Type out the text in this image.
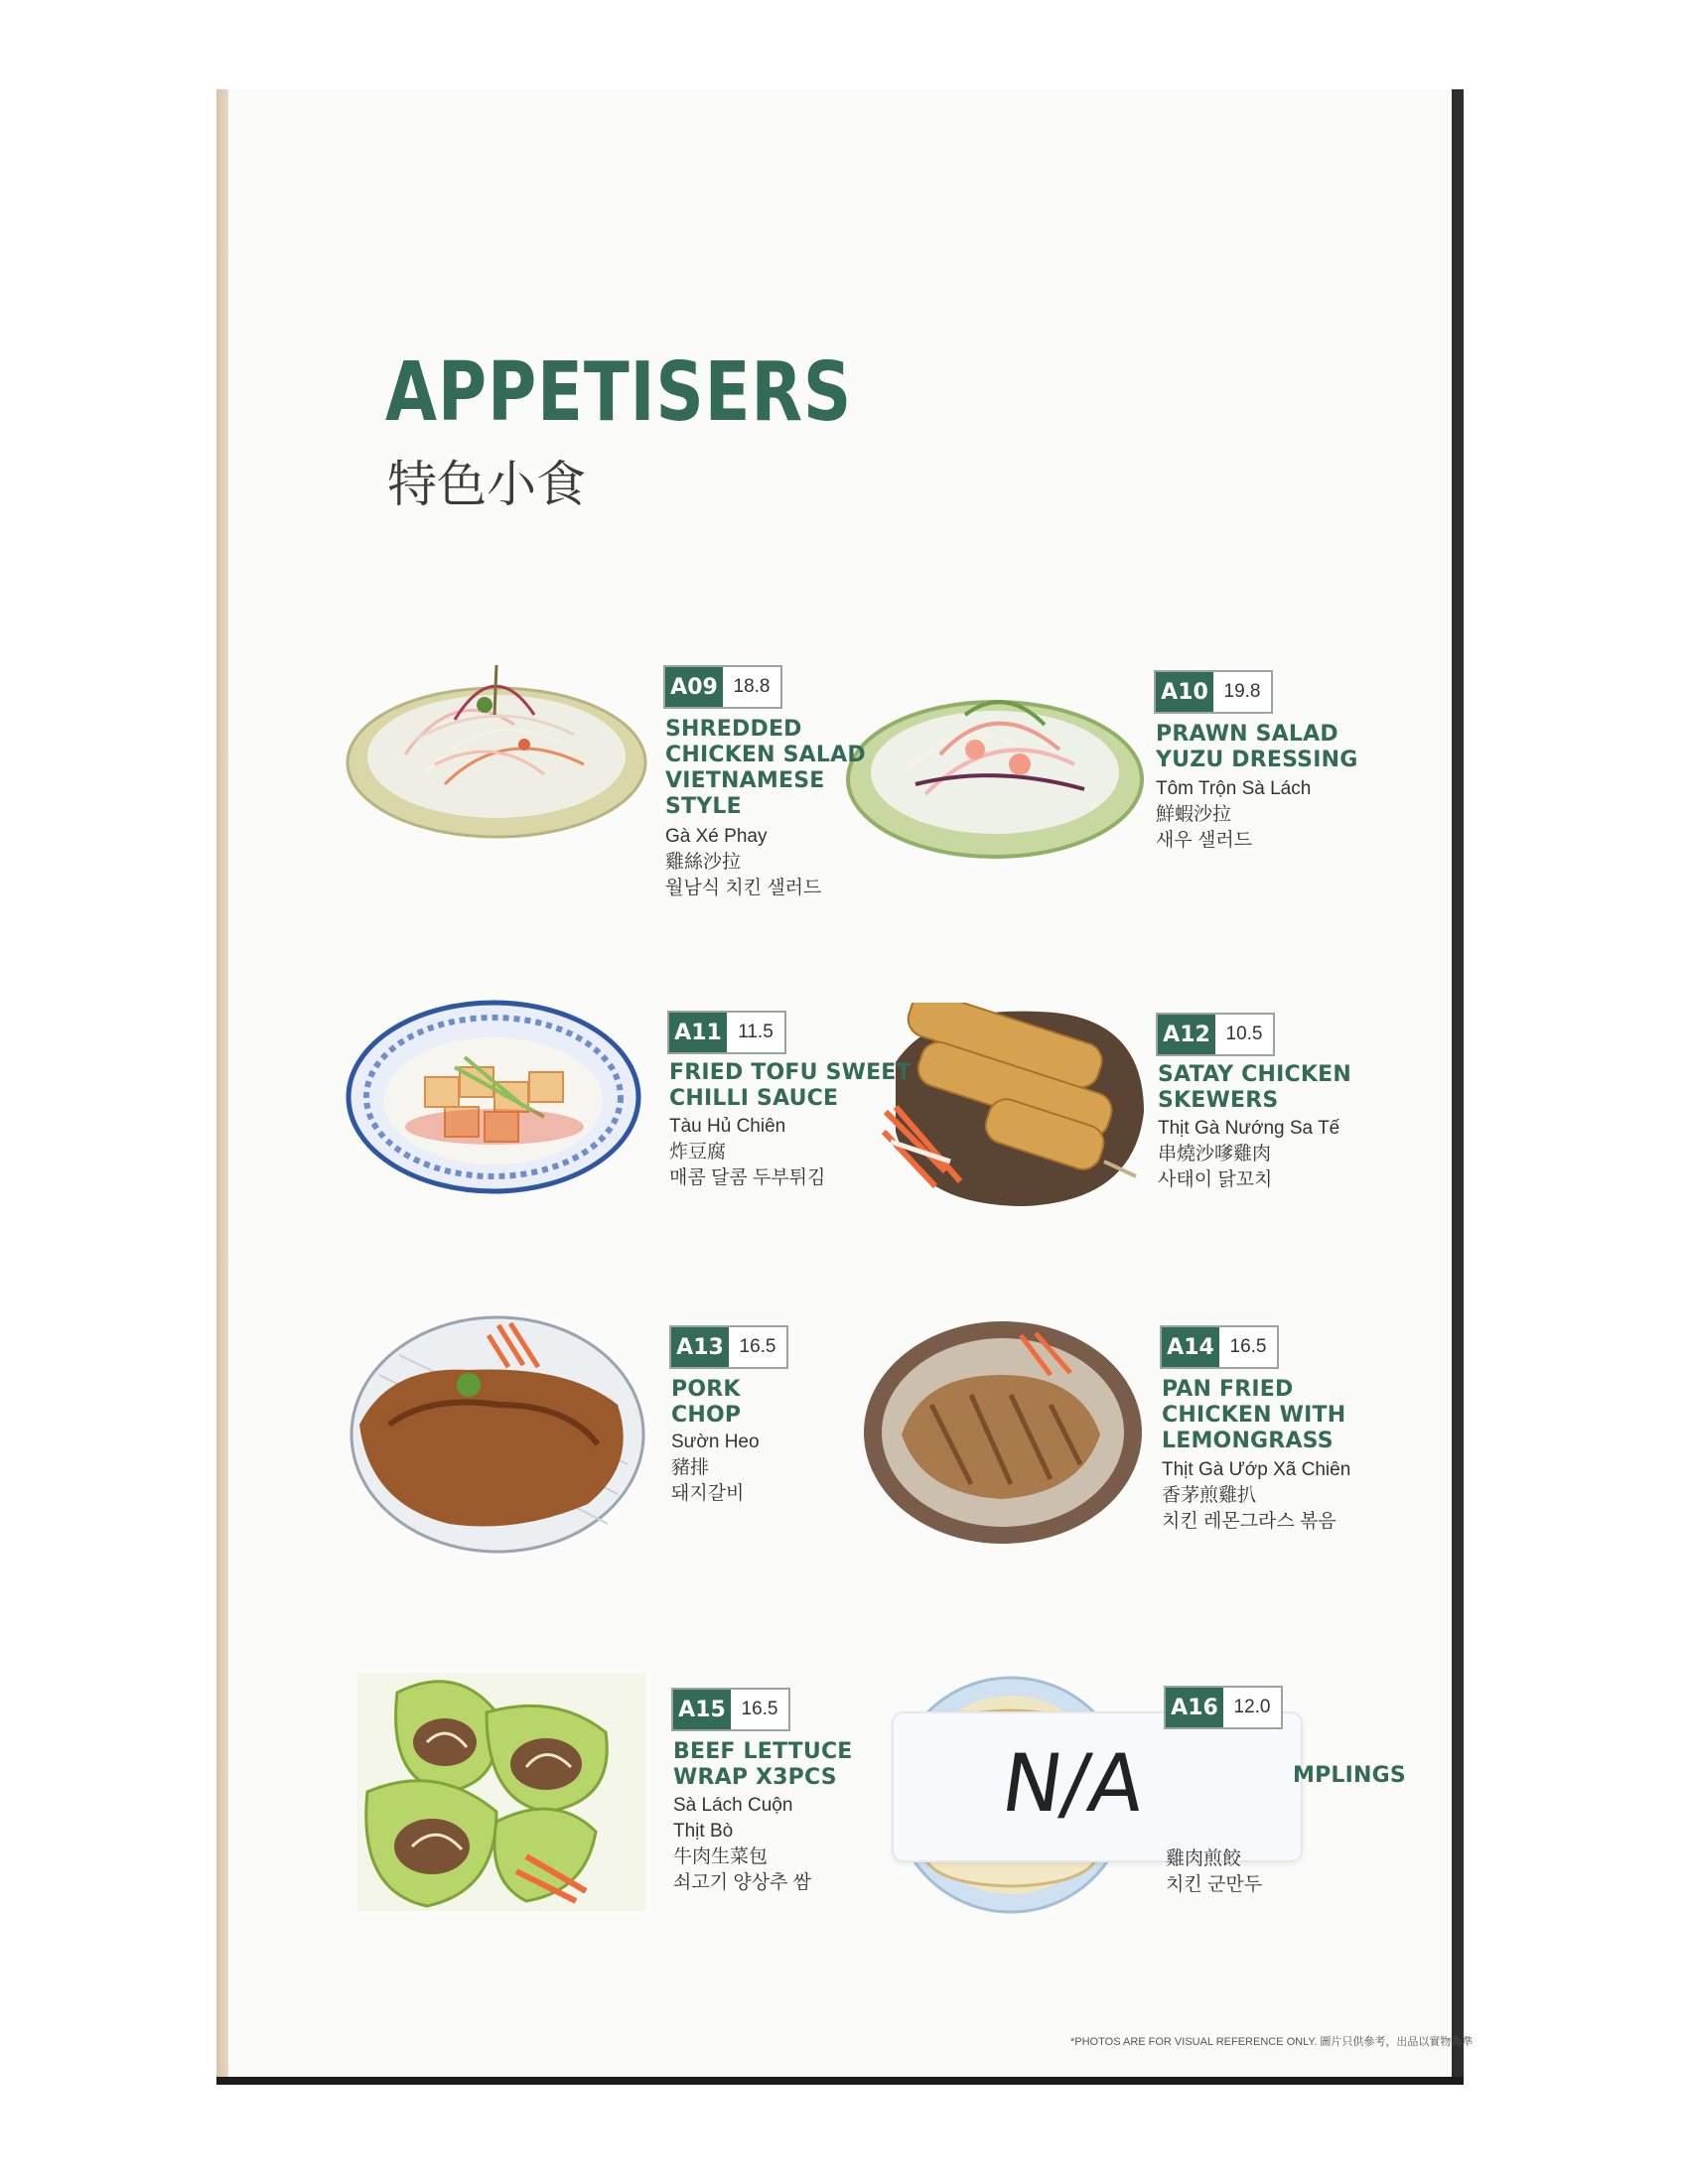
APPETISERS
特色小食
N/A
A09 18.8
SHREDDED
CHICKEN SALAD
VIETNAMESE
STYLE
Gà Xé Phay
雞絲沙拉
월남식 치킨 샐러드
A10 19.8
PRAWN SALAD
YUZU DRESSING
Tôm Trộn Sà Lách
鮮蝦沙拉
새우 샐러드
A11 11.5
FRIED TOFU SWEET
CHILLI SAUCE
Tàu Hủ Chiên
炸豆腐
매콤 달콤 두부튀김
A12 10.5
SATAY CHICKEN
SKEWERS
Thịt Gà Nướng Sa Tế
串燒沙嗲雞肉
사태이 닭꼬치
A13 16.5
PORK
CHOP
Sườn Heo
豬排
돼지갈비
A14 16.5
PAN FRIED
CHICKEN WITH
LEMONGRASS
Thịt Gà Ướp Xã Chiên
香茅煎雞扒
치킨 레몬그라스 볶음
A15 16.5
BEEF LETTUCE
WRAP X3PCS
Sà Lách Cuộn
Thịt Bò
牛肉生菜包
쇠고기 양상추 쌈
A16 12.0
MPLINGS
雞肉煎餃
치킨 군만두
*PHOTOS ARE FOR VISUAL REFERENCE ONLY. 圖片只供參考，出品以實物為準
